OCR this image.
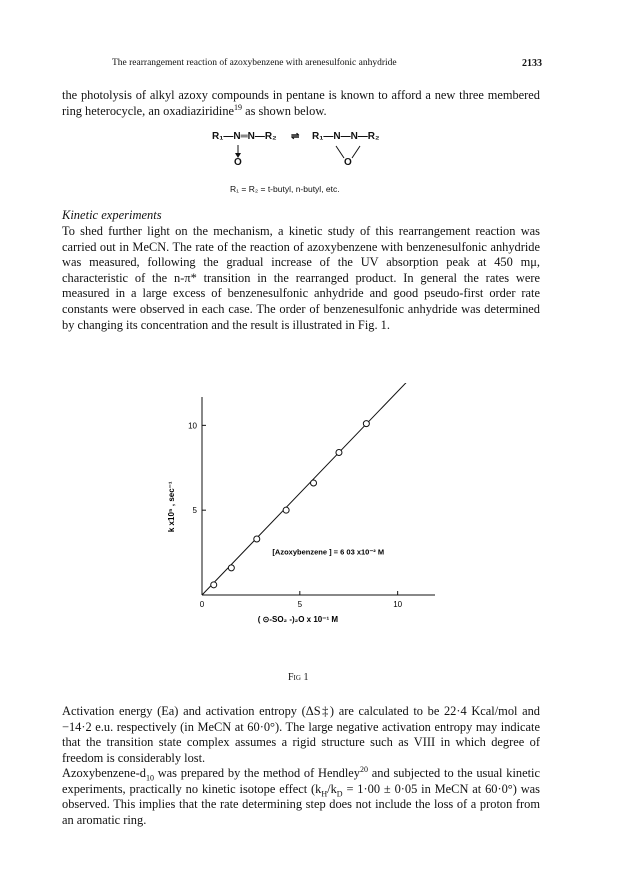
The rearrangement reaction of azoxybenzene with arenesulfonic anhydride	2133

the photolysis of alkyl azoxy compounds in pentane is known to afford a new three membered ring heterocycle, an oxadiaziridine$^{19}$ as shown below.

R₁—N═N—R₂ ⇌ R₁—N—N—R₂
O	O
R₁ = R₂ = t-butyl, n-butyl, etc.
Kinetic experiments

To shed further light on the mechanism, a kinetic study of this rearrangement reaction was carried out in MeCN. The rate of the reaction of azoxybenzene with benzenesulfonic anhydride was measured, following the gradual increase of the UV absorption peak at 450 mμ, characteristic of the n-π* transition in the rearranged product. In general the rates were measured in a large excess of benzenesulfonic anhydride and good pseudo-first order rate constants were observed in each case. The order of benzenesulfonic anhydride was determined by changing its concentration and the result is illustrated in Fig. 1.

0	5	10
5
10
[Azoxybenzene ] = 6 03 x10⁻² M
( ⊙-SO₂ -)₂O x 10⁻¹ M
k x10⁵ , sec⁻¹
Fig 1

Activation energy (Ea) and activation entropy (ΔS‡) are calculated to be 22·4 Kcal/mol and −14·2 e.u. respectively (in MeCN at 60·0°). The large negative activation entropy may indicate that the transition state complex assumes a rigid structure such as VIII in which degree of freedom is considerably lost.

Azoxybenzene-$d_{10}$ was prepared by the method of Hendley$^{20}$ and subjected to the usual kinetic experiments, practically no kinetic isotope effect ($k_H/k_D = 1\cdot 00 \pm 0\cdot 05$ in MeCN at 60·0°) was observed. This implies that the rate determining step does not include the loss of a proton from an aromatic ring.
